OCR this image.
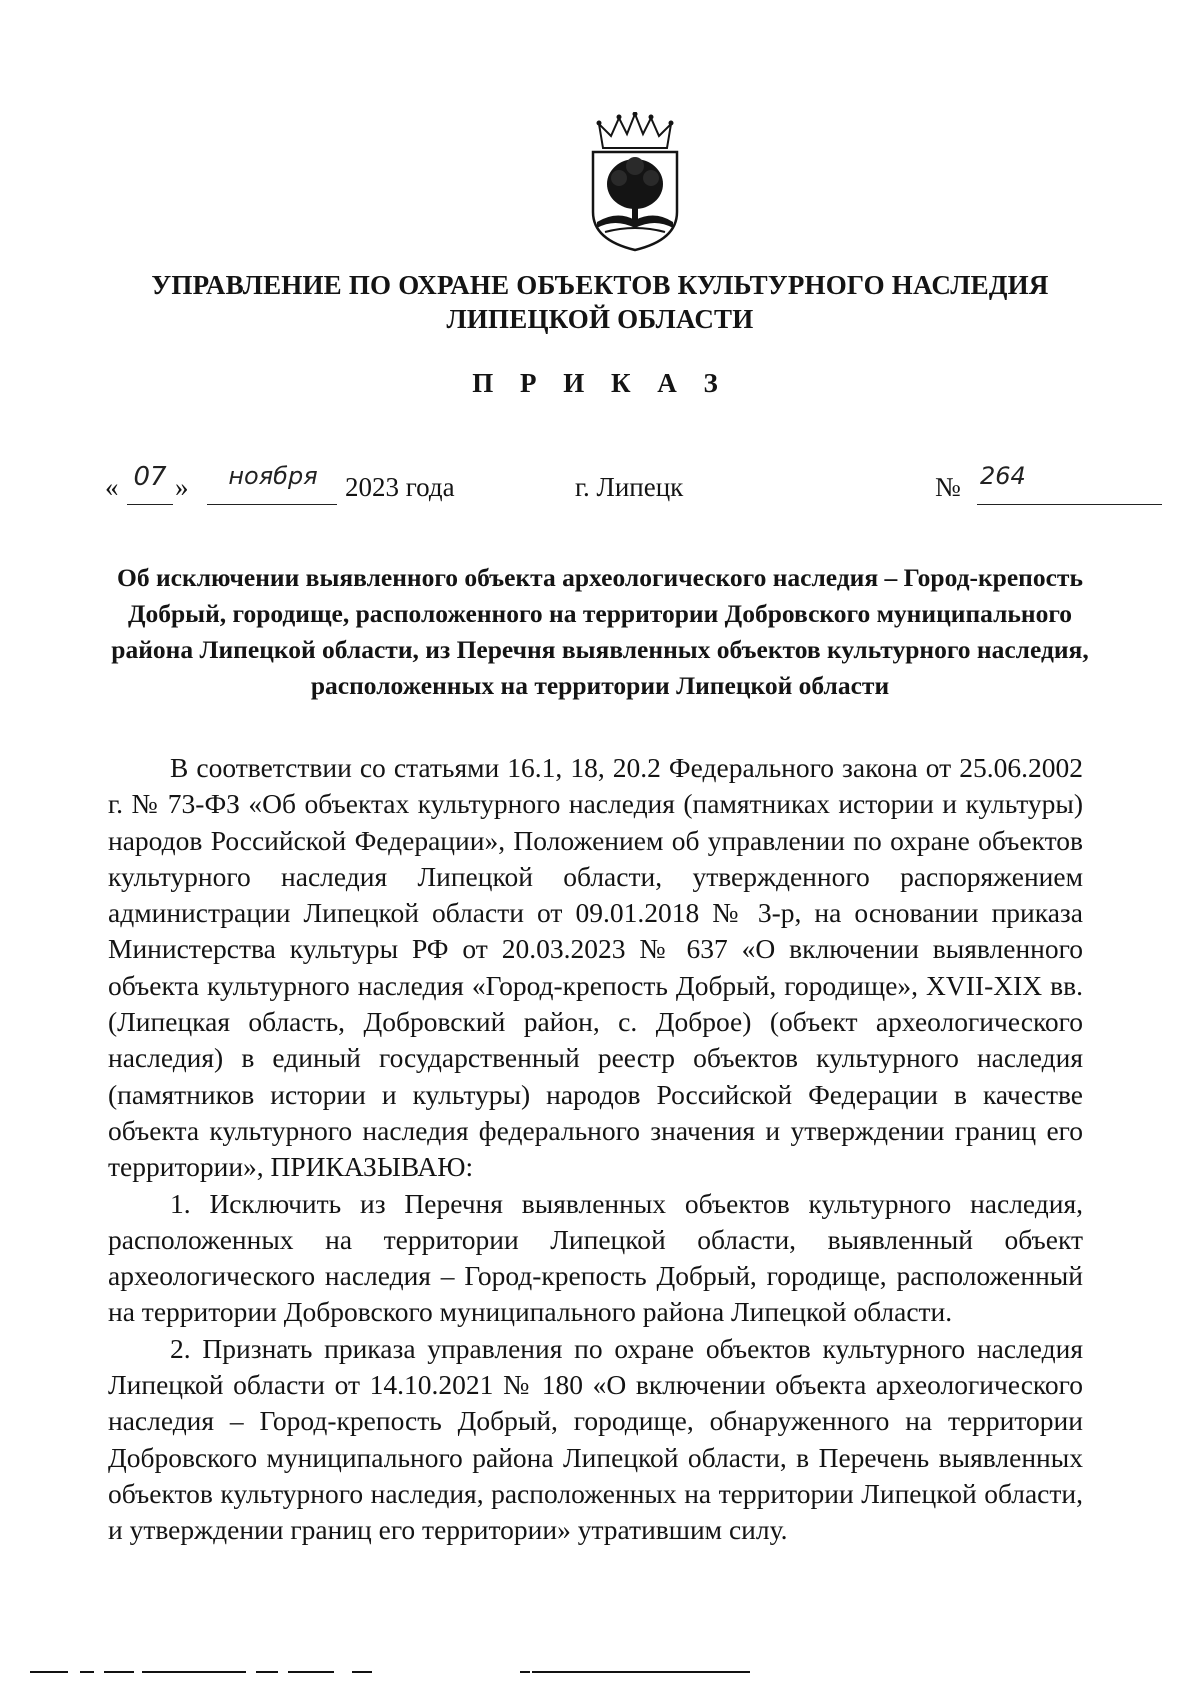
УПРАВЛЕНИЕ ПО ОХРАНЕ ОБЪЕКТОВ КУЛЬТУРНОГО НАСЛЕДИЯ ЛИПЕЦКОЙ ОБЛАСТИ
П Р И К А З
« 07 »	ноября	2023 года	г. Липецк	№ 264
Об исключении выявленного объекта археологического наследия – Город-крепость Добрый, городище, расположенного на территории Добровского муниципального района Липецкой области, из Перечня выявленных объектов культурного наследия, расположенных на территории Липецкой области

В соответствии со статьями 16.1, 18, 20.2 Федерального закона от 25.06.2002 г. № 73-ФЗ «Об объектах культурного наследия (памятниках истории и культуры) народов Российской Федерации», Положением об управлении по охране объектов культурного наследия Липецкой области, утвержденного распоряжением администрации Липецкой области от 09.01.2018 № 3-р, на основании приказа Министерства культуры РФ от 20.03.2023 № 637 «О включении выявленного объекта культурного наследия «Город-крепость Добрый, городище», XVII-XIX вв. (Липецкая область, Добровский район, с. Доброе) (объект археологического наследия) в единый государственный реестр объектов культурного наследия (памятников истории и культуры) народов Российской Федерации в качестве объекта культурного наследия федерального значения и утверждении границ его территории», ПРИКАЗЫВАЮ:

1. Исключить из Перечня выявленных объектов культурного наследия, расположенных на территории Липецкой области, выявленный объект археологического наследия – Город-крепость Добрый, городище, расположенный на территории Добровского муниципального района Липецкой области.

2. Признать приказа управления по охране объектов культурного наследия Липецкой области от 14.10.2021 № 180 «О включении объекта археологического наследия – Город-крепость Добрый, городище, обнаруженного на территории Добровского муниципального района Липецкой области, в Перечень выявленных объектов культурного наследия, расположенных на территории Липецкой области, и утверждении границ его территории» утратившим силу.
